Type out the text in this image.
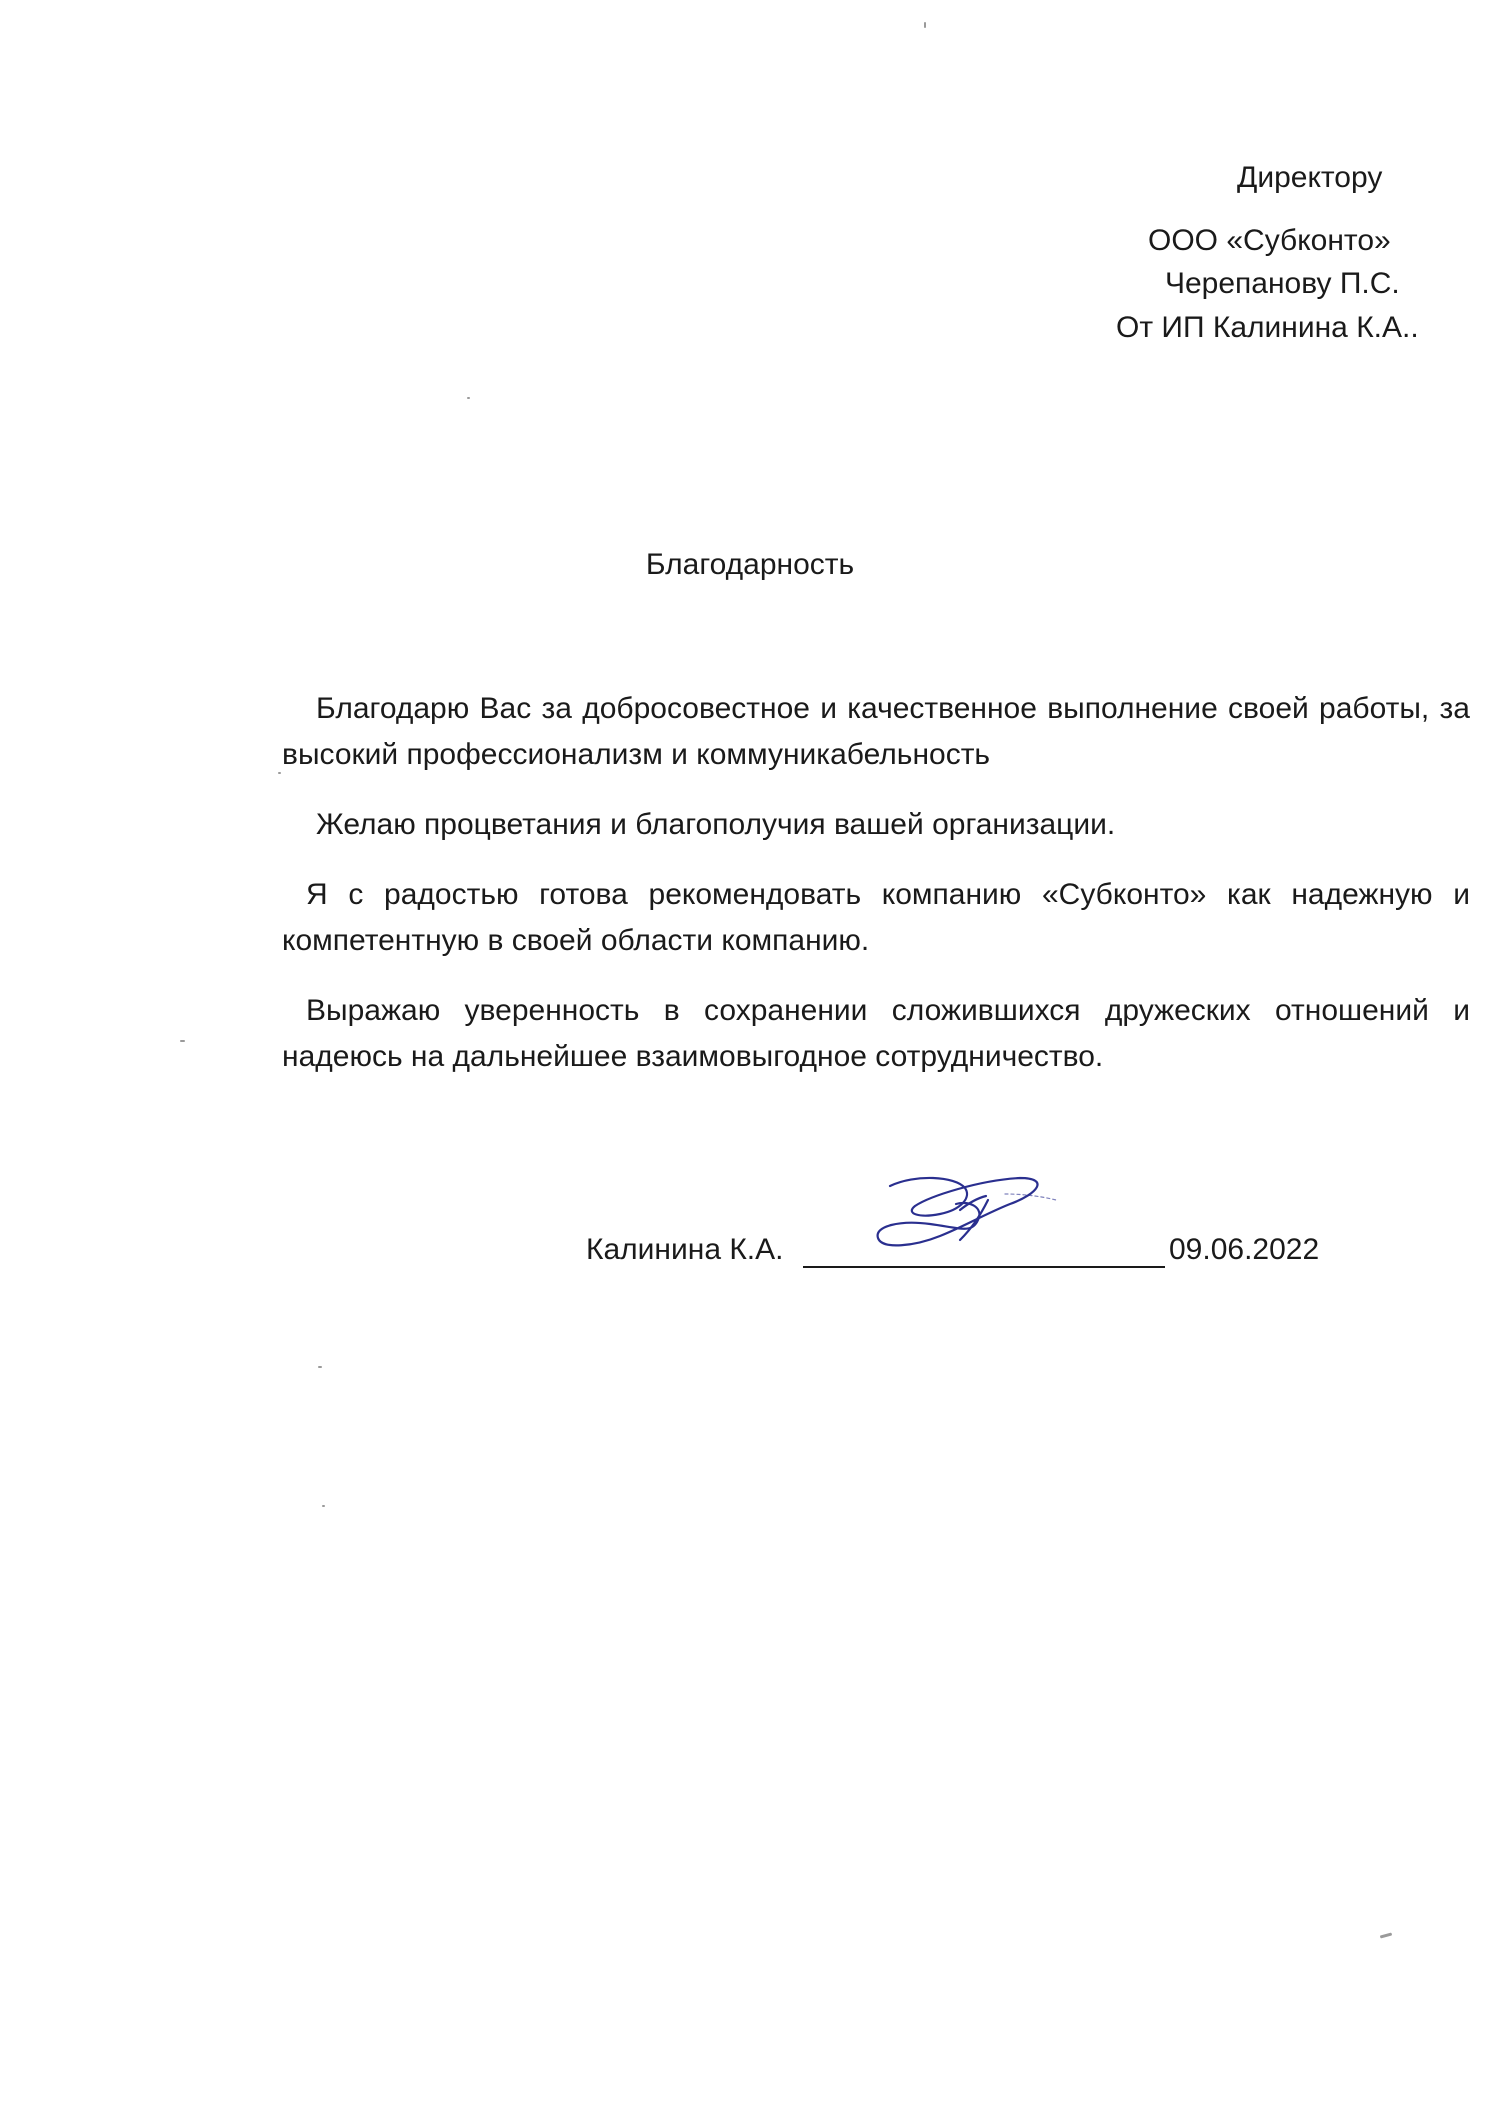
Директору
ООО «Субконто»
Черепанову П.С.
От ИП Калинина К.А..
Благодарность

Благодарю Вас за добросовестное и качественное выполнение своей работы, за высокий профессионализм и коммуникабельность

Желаю процветания и благополучия вашей организации.

Я с радостью готова рекомендовать компанию «Субконто» как надежную и компетентную в своей области компанию.

Выражаю уверенность в сохранении сложившихся дружеских отношений и надеюсь на дальнейшее взаимовыгодное сотрудничество.

Калинина К.А.	09.06.2022
